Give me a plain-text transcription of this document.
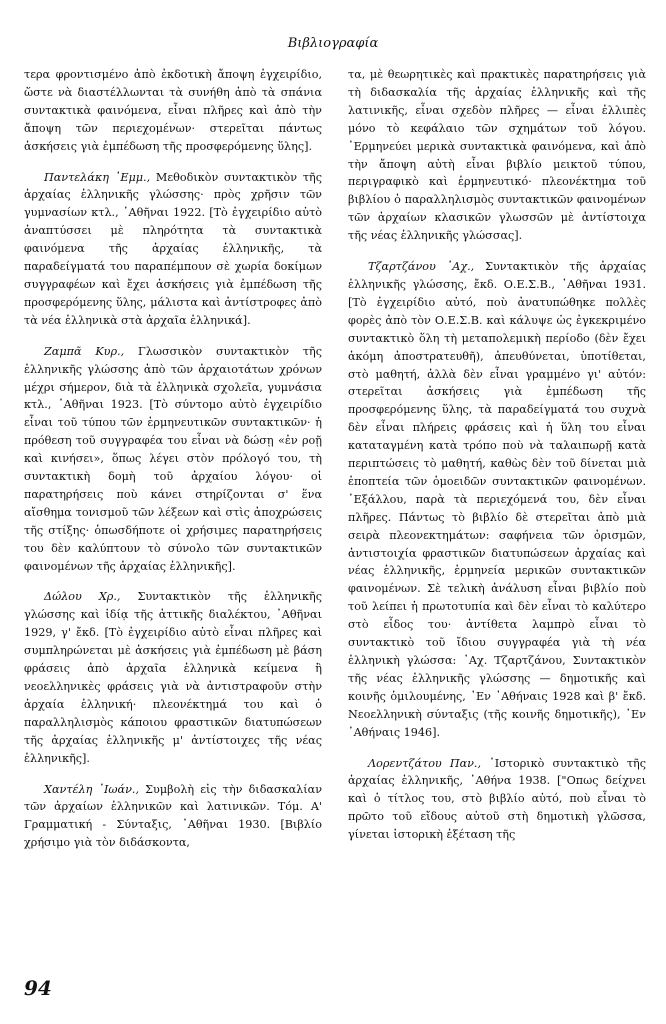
Βιβλιογραφία

τερα φροντισμένο ἀπὸ ἐκδοτικὴ ἄποψη ἐγχειρίδιο, ὥστε νὰ διαστέλλωνται τὰ συνήθη ἀπὸ τὰ σπάνια συντακτικὰ φαινόμενα, εἶναι πλῆρες καὶ ἀπὸ τὴν ἄποψη τῶν περιεχομένων· στερεῖται πάντως ἀσκήσεις γιὰ ἐμπέδωση τῆς προσφερόμενης ὕλης].

Παντελάκη ᾿Εμμ., Μεθοδικὸν συντακτικὸν τῆς ἀρχαίας ἑλληνικῆς γλώσσης· πρὸς χρῆσιν τῶν γυμνασίων κτλ., ᾿Αθῆναι 1922. [Τὸ ἐγχειρίδιο αὐτὸ ἀναπτύσσει μὲ πληρότητα τὰ συντακτικὰ φαινόμενα τῆς ἀρχαίας ἑλληνικῆς, τὰ παραδείγματά του παραπέμπουν σὲ χωρία δοκίμων συγγραφέων καὶ ἔχει ἀσκήσεις γιὰ ἐμπέδωση τῆς προσφερόμενης ὕλης, μάλιστα καὶ ἀντίστροφες ἀπὸ τὰ νέα ἑλληνικὰ στὰ ἀρχαῖα ἑλληνικά].

Ζαμπᾶ Κυρ., Γλωσσικὸν συντακτικὸν τῆς ἑλληνικῆς γλώσσης ἀπὸ τῶν ἀρχαιοτάτων χρόνων μέχρι σήμερον, διὰ τὰ ἑλληνικὰ σχολεῖα, γυμνάσια κτλ., ᾿Αθῆναι 1923. [Τὸ σύντομο αὐτὸ ἐγχειρίδιο εἶναι τοῦ τύπου τῶν ἑρμηνευτικῶν συντακτικῶν· ἡ πρόθεση τοῦ συγγραφέα του εἶναι νὰ δώσῃ «ἐν ροῇ καὶ κινήσει», ὅπως λέγει στὸν πρόλογό του, τὴ συντακτικὴ δομὴ τοῦ ἀρχαίου λόγου· οἱ παρατηρήσεις ποὺ κάνει στηρίζονται σ' ἕνα αἴσθημα τονισμοῦ τῶν λέξεων καὶ στὶς ἀποχρώσεις τῆς στίξης· ὁπωσδήποτε οἱ χρήσιμες παρατηρήσεις του δὲν καλύπτουν τὸ σύνολο τῶν συντακτικῶν φαινομένων τῆς ἀρχαίας ἑλληνικῆς].

Δώλου Χρ., Συντακτικὸν τῆς ἑλληνικῆς γλώσσης καὶ ἰδίᾳ τῆς ἀττικῆς διαλέκτου, ᾿Αθῆναι 1929, γ' ἔκδ. [Τὸ ἐγχειρίδιο αὐτὸ εἶναι πλῆρες καὶ συμπληρώνεται μὲ ἀσκήσεις γιὰ ἐμπέδωση μὲ βάση φράσεις ἀπὸ ἀρχαῖα ἑλληνικὰ κείμενα ἢ νεοελληνικὲς φράσεις γιὰ νὰ ἀντιστραφοῦν στὴν ἀρχαία ἑλληνική· πλεονέκτημά του καὶ ὁ παραλληλισμὸς κάποιου φραστικῶν διατυπώσεων τῆς ἀρχαίας ἑλληνικῆς μ' ἀντίστοιχες τῆς νέας ἑλληνικῆς].

Χαντέλη ᾿Ιωάν., Συμβολὴ εἰς τὴν διδασκαλίαν τῶν ἀρχαίων ἑλληνικῶν καὶ λατινικῶν. Τόμ. Α' Γραμματική - Σύνταξις, ᾿Αθῆναι 1930. [Βιβλίο χρήσιμο γιὰ τὸν διδάσκοντα,

τα, μὲ θεωρητικὲς καὶ πρακτικὲς παρατηρήσεις γιὰ τὴ διδασκαλία τῆς ἀρχαίας ἑλληνικῆς καὶ τῆς λατινικῆς, εἶναι σχεδὸν πλῆρες — εἶναι ἐλλιπὲς μόνο τὸ κεφάλαιο τῶν σχημάτων τοῦ λόγου. ᾿Ερμηνεύει μερικὰ συντακτικὰ φαινόμενα, καὶ ἀπὸ τὴν ἄποψη αὐτὴ εἶναι βιβλίο μεικτοῦ τύπου, περιγραφικὸ καὶ ἑρμηνευτικό· πλεονέκτημα τοῦ βιβλίου ὁ παραλληλισμὸς συντακτικῶν φαινομένων τῶν ἀρχαίων κλασικῶν γλωσσῶν μὲ ἀντίστοιχα τῆς νέας ἑλληνικῆς γλώσσας].

Τζαρτζάνου ᾿Αχ., Συντακτικὸν τῆς ἀρχαίας ἑλληνικῆς γλώσσης, ἔκδ. Ο.Ε.Σ.Β., ᾿Αθῆναι 1931. [Τὸ ἐγχειρίδιο αὐτό, ποὺ ἀνατυπώθηκε πολλὲς φορὲς ἀπὸ τὸν Ο.Ε.Σ.Β. καὶ κάλυψε ὡς ἐγκεκριμένο συντακτικὸ ὅλη τὴ μεταπολεμικὴ περίοδο (δὲν ἔχει ἀκόμη ἀποστρατευθῆ), ἀπευθύνεται, ὑποτίθεται, στὸ μαθητή, ἀλλὰ δὲν εἶναι γραμμένο γι' αὐτόν: στερεῖται ἀσκήσεις γιὰ ἐμπέδωση τῆς προσφερόμενης ὕλης, τὰ παραδείγματά του συχνὰ δὲν εἶναι πλήρεις φράσεις καὶ ἡ ὕλη του εἶναι καταταγμένη κατὰ τρόπο ποὺ νὰ ταλαιπωρῇ κατὰ περιπτώσεις τὸ μαθητή, καθὼς δὲν τοῦ δίνεται μιὰ ἐποπτεία τῶν ὁμοειδῶν συντακτικῶν φαινομένων. ᾿Εξάλλου, παρὰ τὰ περιεχόμενά του, δὲν εἶναι πλῆρες. Πάντως τὸ βιβλίο δὲ στερεῖται ἀπὸ μιὰ σειρὰ πλεονεκτημάτων: σαφήνεια τῶν ὁρισμῶν, ἀντιστοιχία φραστικῶν διατυπώσεων ἀρχαίας καὶ νέας ἑλληνικῆς, ἑρμηνεία μερικῶν συντακτικῶν φαινομένων. Σὲ τελικὴ ἀνάλυση εἶναι βιβλίο ποὺ τοῦ λείπει ἡ πρωτοτυπία καὶ δὲν εἶναι τὸ καλύτερο στὸ εἶδος του· ἀντίθετα λαμπρὸ εἶναι τὸ συντακτικὸ τοῦ ἴδιου συγγραφέα γιὰ τὴ νέα ἑλληνικὴ γλώσσα: ᾿Αχ. Τζαρτζάνου, Συντακτικὸν τῆς νέας ἑλληνικῆς γλώσσης — δημοτικῆς καὶ κοινῆς ὁμιλουμένης, ᾿Εν ᾿Αθήναις 1928 καὶ β' ἔκδ. Νεοελληνικὴ σύνταξις (τῆς κοινῆς δημοτικῆς), ᾿Εν ᾿Αθήναις 1946].

Λορεντζάτου Παν., ᾿Ιστορικὸ συντακτικὸ τῆς ἀρχαίας ἑλληνικῆς, ᾿Αθήνα 1938. ["Οπως δείχνει καὶ ὁ τίτλος του, στὸ βιβλίο αὐτό, ποὺ εἶναι τὸ πρῶτο τοῦ εἴδους αὐτοῦ στὴ δημοτικὴ γλῶσσα, γίνεται ἱστορικὴ ἐξέταση τῆς

94
